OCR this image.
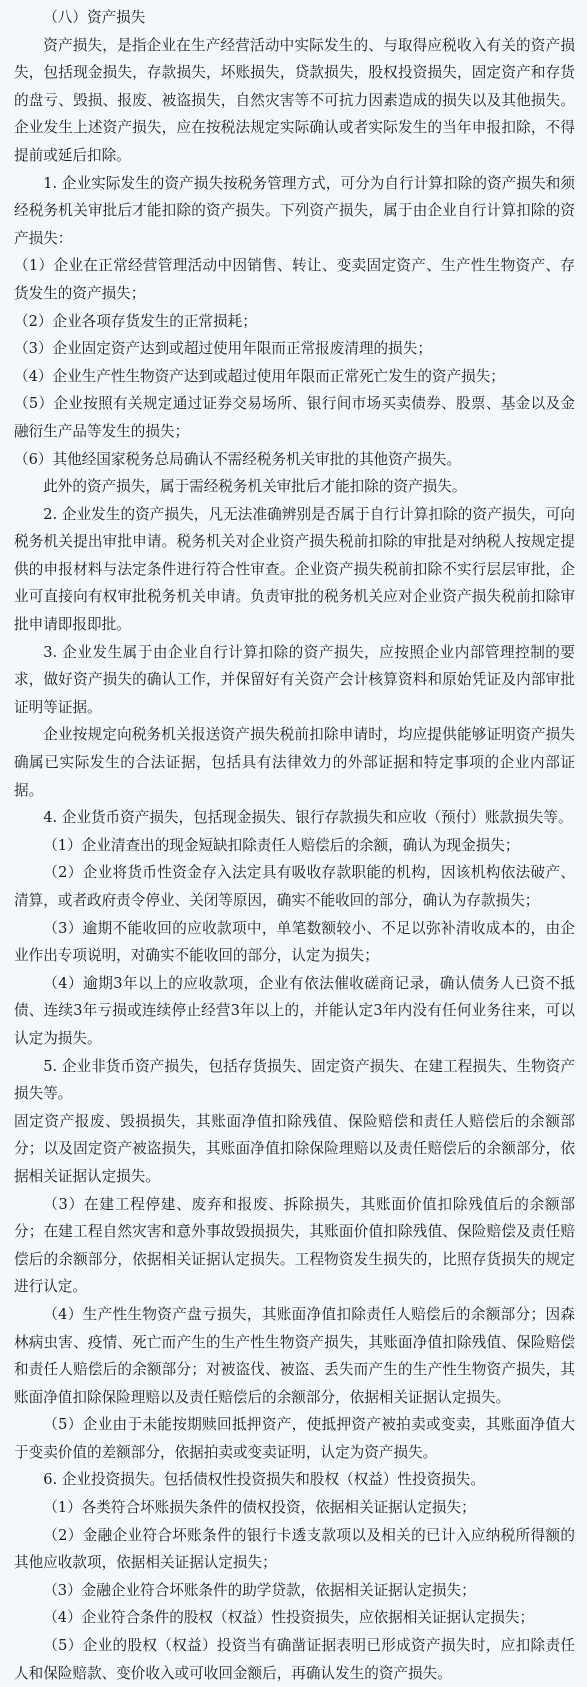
（八）资产损失

资产损失，是指企业在生产经营活动中实际发生的、与取得应税收入有关的资产损失，包括现金损失，存款损失，坏账损失，贷款损失，股权投资损失，固定资产和存货的盘亏、毁损、报废、被盗损失，自然灾害等不可抗力因素造成的损失以及其他损失。企业发生上述资产损失，应在按税法规定实际确认或者实际发生的当年申报扣除，不得提前或延后扣除。

1. 企业实际发生的资产损失按税务管理方式，可分为自行计算扣除的资产损失和须经税务机关审批后才能扣除的资产损失。下列资产损失，属于由企业自行计算扣除的资产损失：

（1）企业在正常经营管理活动中因销售、转让、变卖固定资产、生产性生物资产、存货发生的资产损失；

（2）企业各项存货发生的正常损耗；

（3）企业固定资产达到或超过使用年限而正常报废清理的损失；

（4）企业生产性生物资产达到或超过使用年限而正常死亡发生的资产损失；

（5）企业按照有关规定通过证券交易场所、银行间市场买卖债券、股票、基金以及金融衍生产品等发生的损失；

（6）其他经国家税务总局确认不需经税务机关审批的其他资产损失。

此外的资产损失，属于需经税务机关审批后才能扣除的资产损失。

2. 企业发生的资产损失，凡无法准确辨别是否属于自行计算扣除的资产损失，可向税务机关提出审批申请。税务机关对企业资产损失税前扣除的审批是对纳税人按规定提供的申报材料与法定条件进行符合性审查。企业资产损失税前扣除不实行层层审批，企业可直接向有权审批税务机关申请。负责审批的税务机关应对企业资产损失税前扣除审批申请即报即批。

3. 企业发生属于由企业自行计算扣除的资产损失，应按照企业内部管理控制的要求，做好资产损失的确认工作，并保留好有关资产会计核算资料和原始凭证及内部审批证明等证据。

企业按规定向税务机关报送资产损失税前扣除申请时，均应提供能够证明资产损失确属已实际发生的合法证据，包括具有法律效力的外部证据和特定事项的企业内部证据。

4. 企业货币资产损失，包括现金损失、银行存款损失和应收（预付）账款损失等。

（1）企业清查出的现金短缺扣除责任人赔偿后的余额，确认为现金损失；

（2）企业将货币性资金存入法定具有吸收存款职能的机构，因该机构依法破产、清算，或者政府责令停业、关闭等原因，确实不能收回的部分，确认为存款损失；

（3）逾期不能收回的应收款项中，单笔数额较小、不足以弥补清收成本的，由企业作出专项说明，对确实不能收回的部分，认定为损失；

（4）逾期3年以上的应收款项，企业有依法催收磋商记录，确认债务人已资不抵债、连续3年亏损或连续停止经营3年以上的，并能认定3年内没有任何业务往来，可以认定为损失。

5. 企业非货币资产损失，包括存货损失、固定资产损失、在建工程损失、生物资产损失等。

固定资产报废、毁损损失，其账面净值扣除残值、保险赔偿和责任人赔偿后的余额部分；以及固定资产被盗损失，其账面净值扣除保险理赔以及责任赔偿后的余额部分，依据相关证据认定损失。

（3）在建工程停建、废弃和报废、拆除损失，其账面价值扣除残值后的余额部分；在建工程自然灾害和意外事故毁损损失，其账面价值扣除残值、保险赔偿及责任赔偿后的余额部分，依据相关证据认定损失。工程物资发生损失的，比照存货损失的规定进行认定。

（4）生产性生物资产盘亏损失，其账面净值扣除责任人赔偿后的余额部分；因森林病虫害、疫情、死亡而产生的生产性生物资产损失，其账面净值扣除残值、保险赔偿和责任人赔偿后的余额部分；对被盗伐、被盗、丢失而产生的生产性生物资产损失，其账面净值扣除保险理赔以及责任赔偿后的余额部分，依据相关证据认定损失。

（5）企业由于未能按期赎回抵押资产，使抵押资产被拍卖或变卖，其账面净值大于变卖价值的差额部分，依据拍卖或变卖证明，认定为资产损失。

6. 企业投资损失。包括债权性投资损失和股权（权益）性投资损失。

（1）各类符合坏账损失条件的债权投资，依据相关证据认定损失；

（2）金融企业符合坏账条件的银行卡透支款项以及相关的已计入应纳税所得额的其他应收款项，依据相关证据认定损失；

（3）金融企业符合坏账条件的助学贷款，依据相关证据认定损失；

（4）企业符合条件的股权（权益）性投资损失，应依据相关证据认定损失；

（5）企业的股权（权益）投资当有确凿证据表明已形成资产损失时，应扣除责任人和保险赔款、变价收入或可收回金额后，再确认发生的资产损失。
